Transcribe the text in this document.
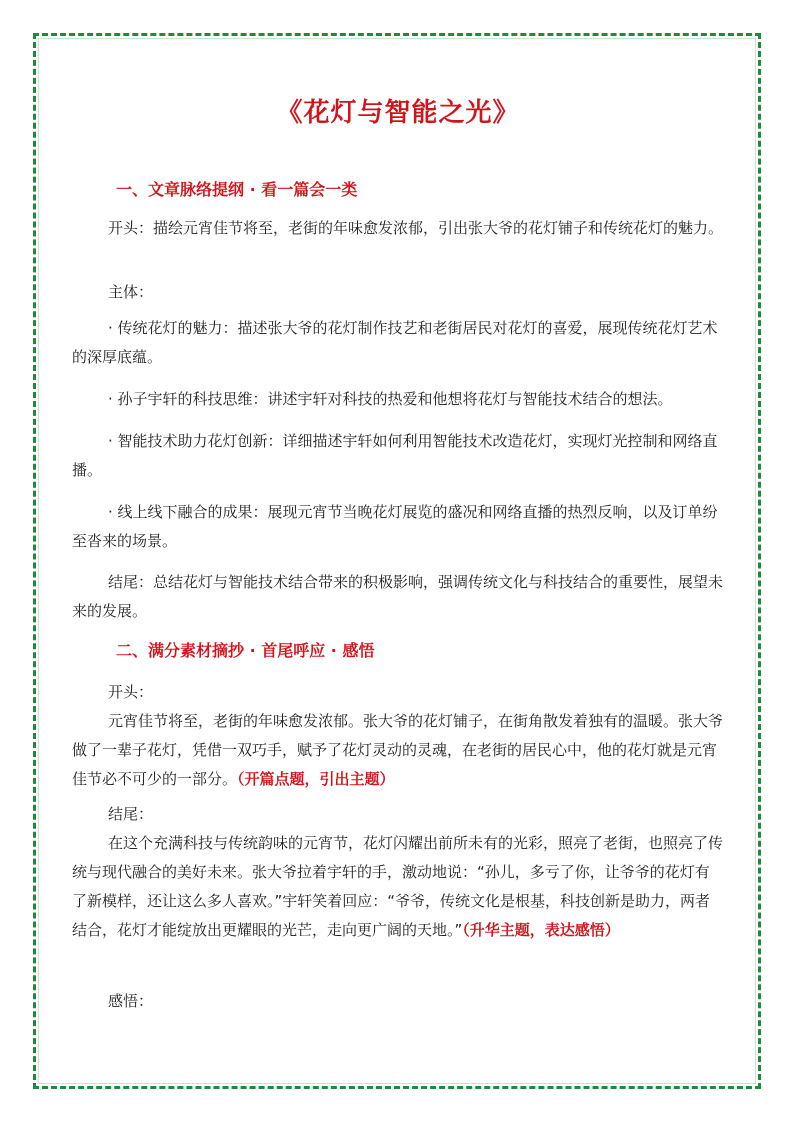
《花灯与智能之光》
一、文章脉络提纲 · 看一篇会一类
开头：描绘元宵佳节将至，老街的年味愈发浓郁，引出张大爷的花灯铺子和传统花灯的魅力。
主体：
· 传统花灯的魅力：描述张大爷的花灯制作技艺和老街居民对花灯的喜爱，展现传统花灯艺术的深厚底蕴。
· 孙子宇轩的科技思维：讲述宇轩对科技的热爱和他想将花灯与智能技术结合的想法。
· 智能技术助力花灯创新：详细描述宇轩如何利用智能技术改造花灯，实现灯光控制和网络直播。
· 线上线下融合的成果：展现元宵节当晚花灯展览的盛况和网络直播的热烈反响，以及订单纷至沓来的场景。
结尾：总结花灯与智能技术结合带来的积极影响，强调传统文化与科技结合的重要性，展望未来的发展。
二、满分素材摘抄 · 首尾呼应 · 感悟
开头：
元宵佳节将至，老街的年味愈发浓郁。张大爷的花灯铺子，在街角散发着独有的温暖。张大爷做了一辈子花灯，凭借一双巧手，赋予了花灯灵动的灵魂，在老街的居民心中，他的花灯就是元宵佳节必不可少的一部分。（开篇点题，引出主题）
结尾：
在这个充满科技与传统韵味的元宵节，花灯闪耀出前所未有的光彩，照亮了老街，也照亮了传统与现代融合的美好未来。张大爷拉着宇轩的手，激动地说：“孙儿，多亏了你，让爷爷的花灯有了新模样，还让这么多人喜欢。”宇轩笑着回应：“爷爷，传统文化是根基，科技创新是助力，两者结合，花灯才能绽放出更耀眼的光芒，走向更广阔的天地。”（升华主题，表达感悟）
感悟：
